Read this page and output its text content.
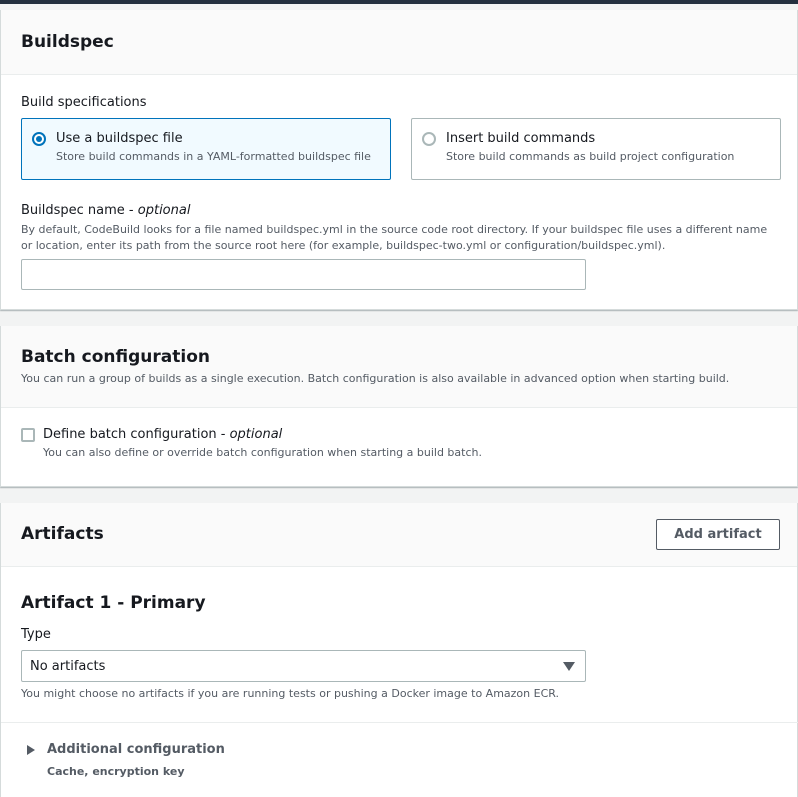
Buildspec
Build specifications
Use a buildspec file
Store build commands in a YAML-formatted buildspec file
Insert build commands
Store build commands as build project configuration
Buildspec name - optional
By default, CodeBuild looks for a file named buildspec.yml in the source code root directory. If your buildspec file uses a different name or location, enter its path from the source root here (for example, buildspec-two.yml or configuration/buildspec.yml).
Batch configuration
You can run a group of builds as a single execution. Batch configuration is also available in advanced option when starting build.
Define batch configuration - optional
You can also define or override batch configuration when starting a build batch.
Artifacts	Add artifact
Artifact 1 - Primary
Type
No artifacts
You might choose no artifacts if you are running tests or pushing a Docker image to Amazon ECR.
Additional configuration
Cache, encryption key
